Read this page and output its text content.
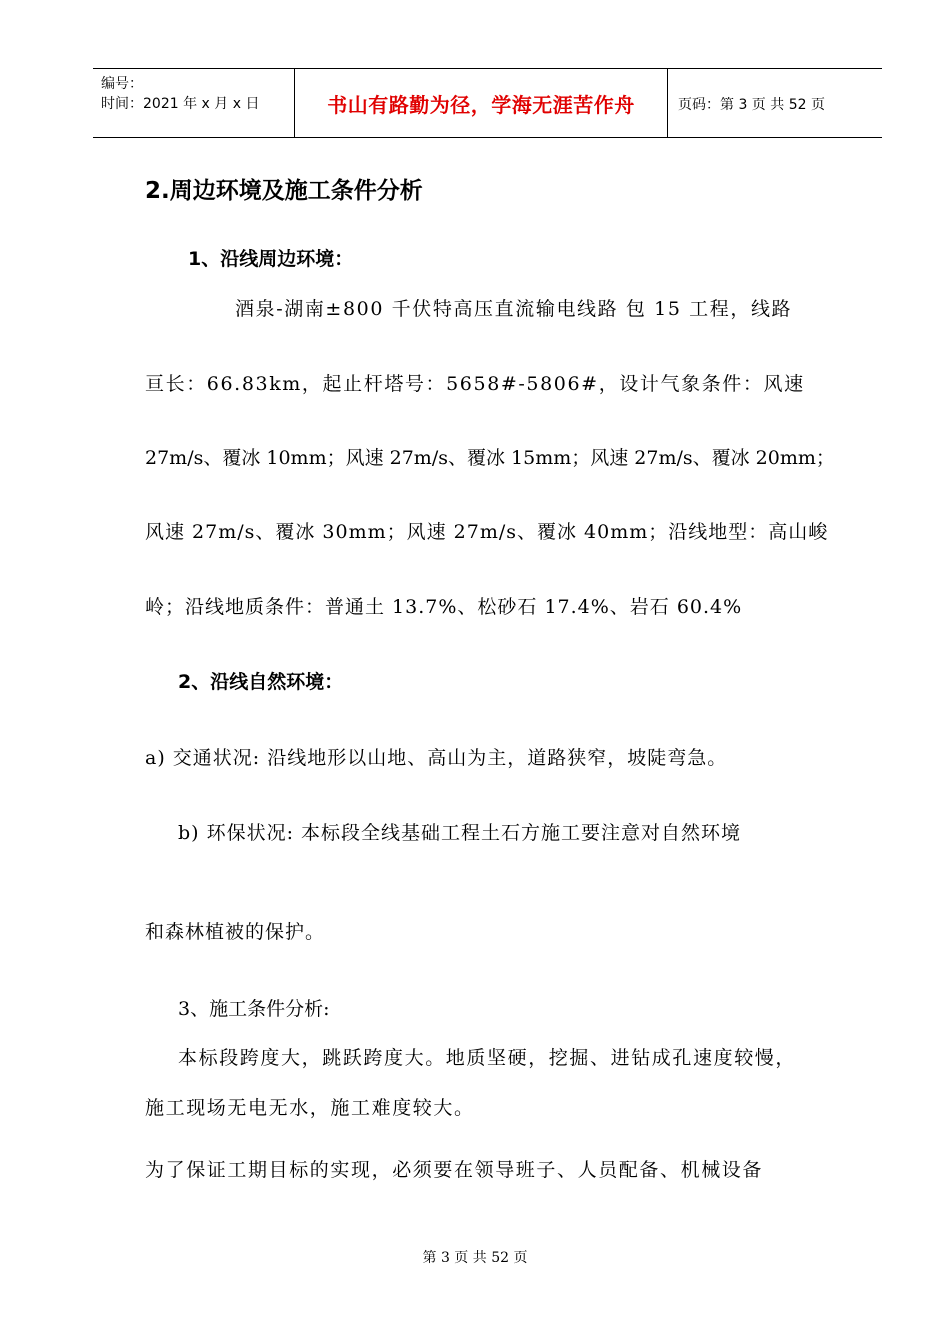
编号：
时间：2021 年 x 月 x 日	书山有路勤为径，学海无涯苦作舟	页码：第 3 页 共 52 页
2.周边环境及施工条件分析
1、沿线周边环境：
酒泉-湖南±800 千伏特高压直流输电线路 包 15 工程，线路
亘长：66.83km，起止杆塔号：5658#-5806#，设计气象条件：风速
27m/s、覆冰 10mm；风速 27m/s、覆冰 15mm；风速 27m/s、覆冰 20mm；
风速 27m/s、覆冰 30mm；风速 27m/s、覆冰 40mm；沿线地型：高山峻
岭；沿线地质条件：普通土 13.7%、松砂石 17.4%、岩石 60.4%
2、沿线自然环境：
a) 交通状况: 沿线地形以山地、高山为主，道路狭窄，坡陡弯急。
b) 环保状况: 本标段全线基础工程土石方施工要注意对自然环境
和森林植被的保护。
3、施工条件分析:
本标段跨度大，跳跃跨度大。地质坚硬，挖掘、进钻成孔速度较慢，
施工现场无电无水，施工难度较大。
为了保证工期目标的实现，必须要在领导班子、人员配备、机械设备
第 3 页 共 52 页
